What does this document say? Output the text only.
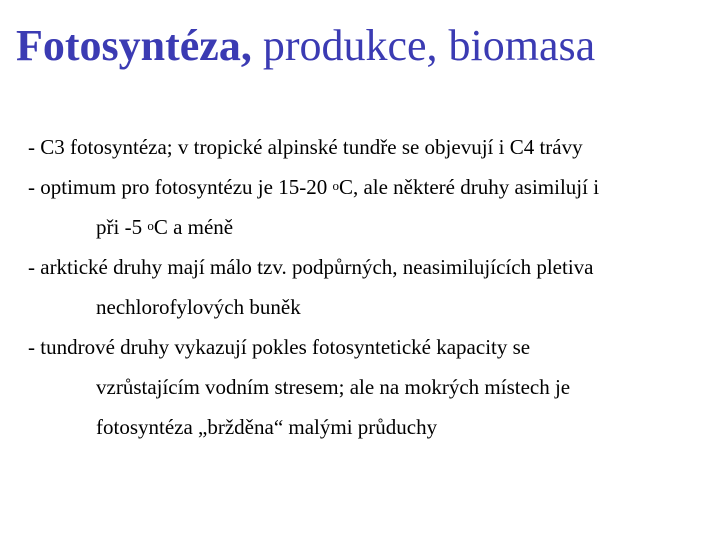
Fotosyntéza, produkce, biomasa
- C3 fotosyntéza; v tropické alpinské tundře se objevují i C4 trávy
- optimum pro fotosyntézu je 15-20 $^o$C, ale některé druhy asimilují i
při -5 $^o$C a méně
- arktické druhy mají málo tzv. podpůrných, neasimilujících pletiva
nechlorofylových buněk
- tundrové druhy vykazují pokles fotosyntetické kapacity se
vzrůstajícím vodním stresem; ale na mokrých místech je
fotosyntéza „bržděna“ malými průduchy
